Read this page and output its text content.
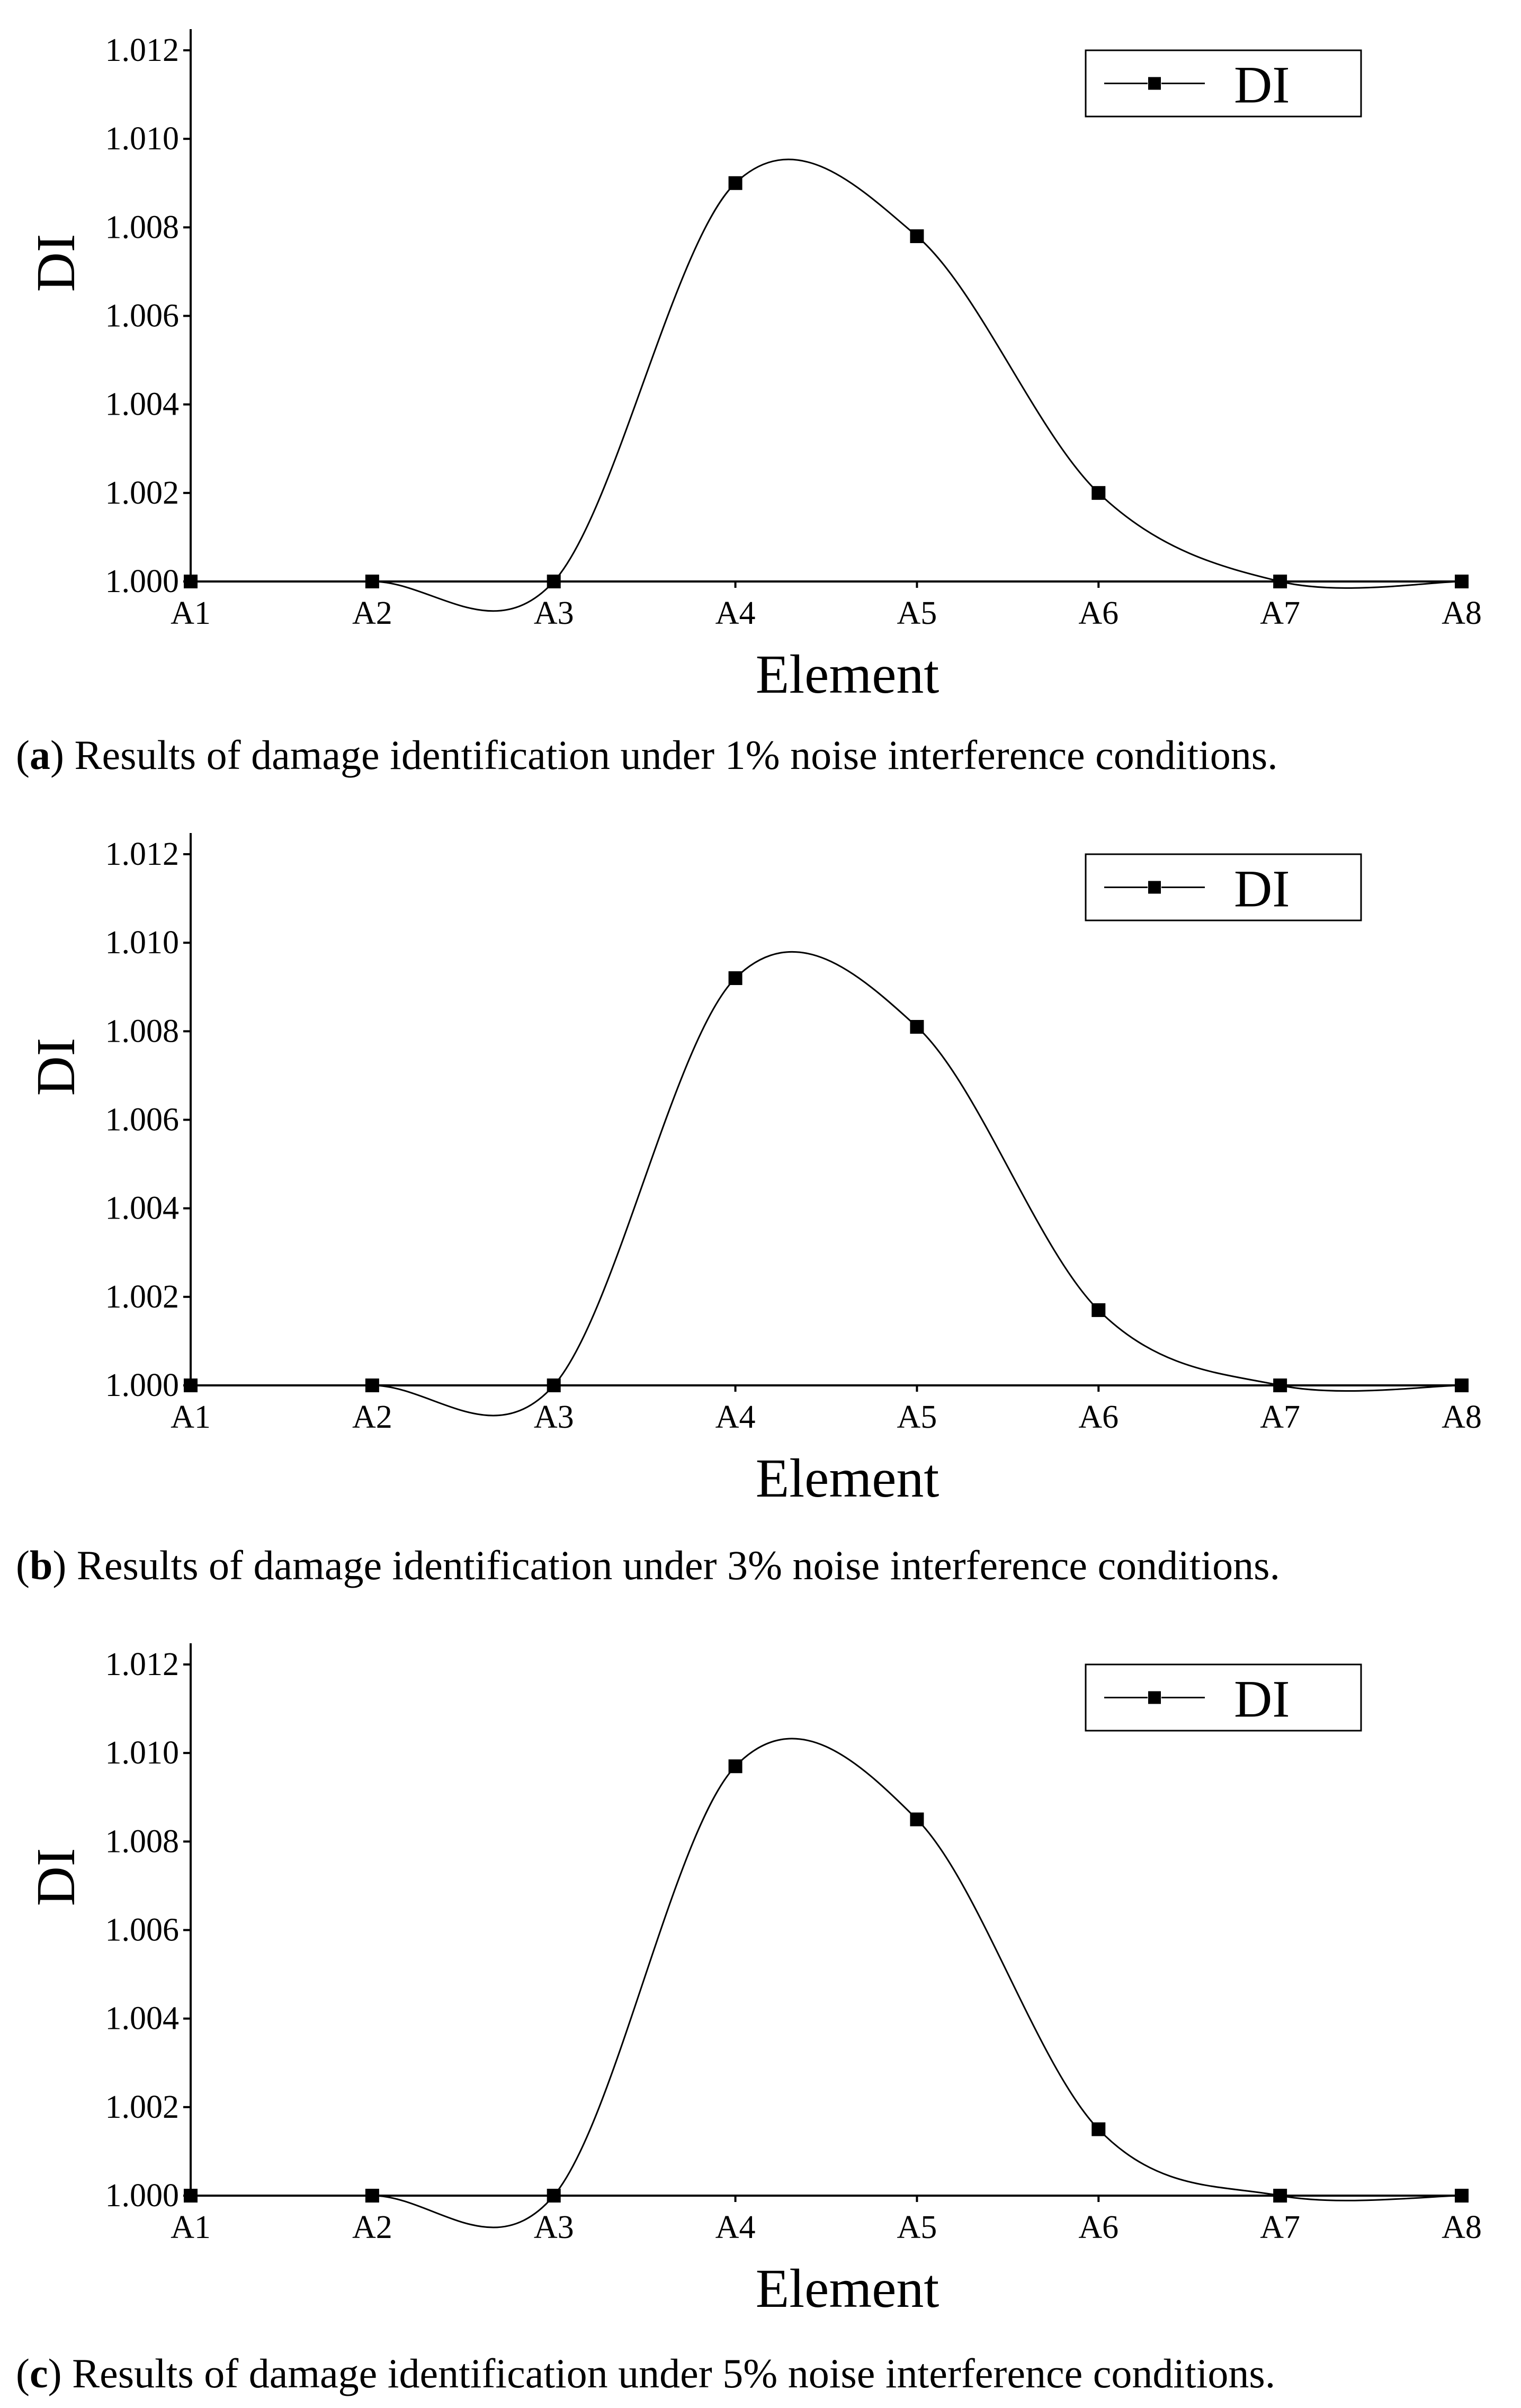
1.000
1.002
1.004
1.006
1.008
1.010
1.012
A1	A2	A3	A4	A5	A6	A7	A8
Element
DI
DI
(a) Results of damage identification under 1% noise interference conditions.
1.000
1.002
1.004
1.006
1.008
1.010
1.012
A1	A2	A3	A4	A5	A6	A7	A8
Element
DI
DI
(b) Results of damage identification under 3% noise interference conditions.
1.000
1.002
1.004
1.006
1.008
1.010
1.012
A1	A2	A3	A4	A5	A6	A7	A8
Element
DI
DI
(c) Results of damage identification under 5% noise interference conditions.
